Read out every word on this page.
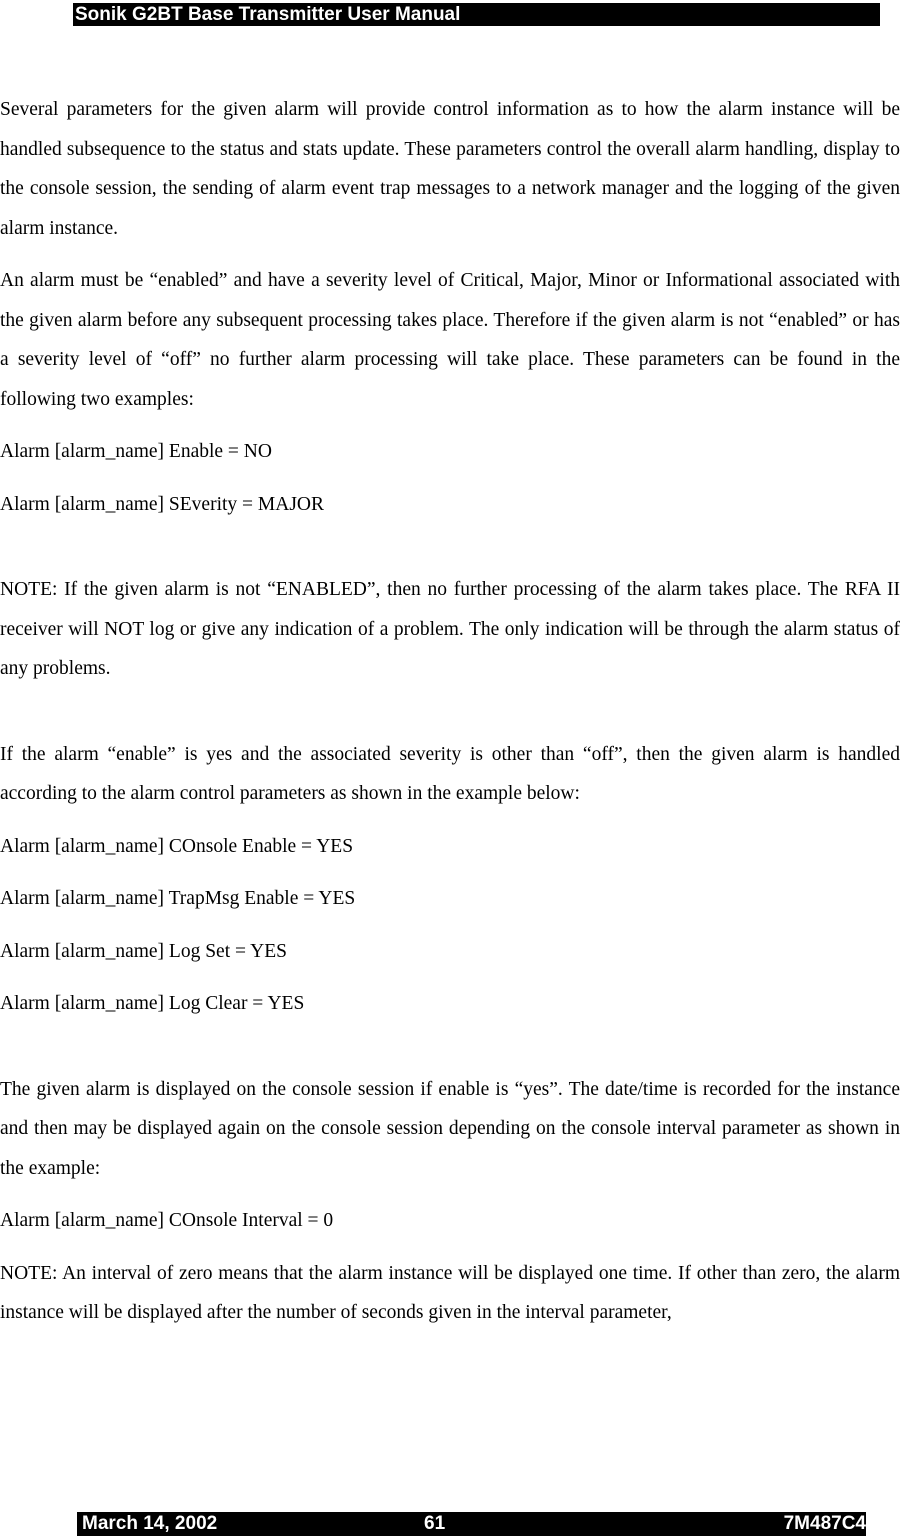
Sonik G2BT Base Transmitter User Manual

Several parameters for the given alarm will provide control information as to how the alarm instance will be handled subsequence to the status and stats update. These parameters control the overall alarm handling, display to the console session, the sending of alarm event trap messages to a network manager and the logging of the given alarm instance.

An alarm must be “enabled” and have a severity level of Critical, Major, Minor or Informational associated with the given alarm before any subsequent processing takes place. Therefore if the given alarm is not “enabled” or has a severity level of “off” no further alarm processing will take place. These parameters can be found in the following two examples:

Alarm [alarm_name] Enable = NO

Alarm [alarm_name] SEverity = MAJOR

NOTE: If the given alarm is not “ENABLED”, then no further processing of the alarm takes place. The RFA II receiver will NOT log or give any indication of a problem. The only indication will be through the alarm status of any problems.

If the alarm “enable” is yes and the associated severity is other than “off”, then the given alarm is handled according to the alarm control parameters as shown in the example below:

Alarm [alarm_name] COnsole Enable = YES

Alarm [alarm_name] TrapMsg Enable = YES

Alarm [alarm_name] Log Set = YES

Alarm [alarm_name] Log Clear = YES

The given alarm is displayed on the console session if enable is “yes”. The date/time is recorded for the instance and then may be displayed again on the console session depending on the console interval parameter as shown in the example:

Alarm [alarm_name] COnsole Interval = 0

NOTE: An interval of zero means that the alarm instance will be displayed one time. If other than zero, the alarm instance will be displayed after the number of seconds given in the interval parameter,

March 14, 2002	61	7M487C4
